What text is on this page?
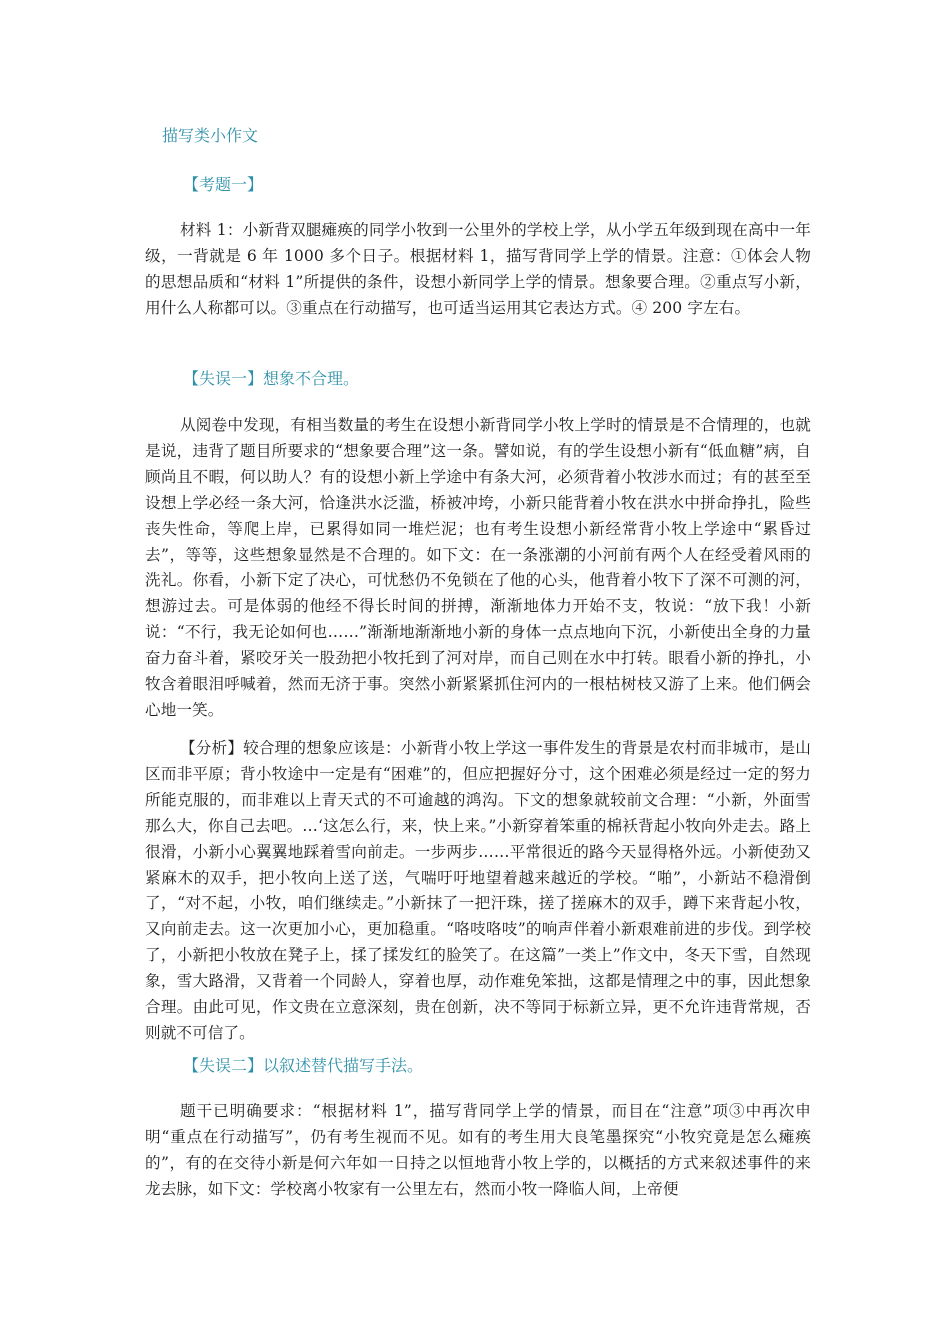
描写类小作文
【考题一】
材料 1：小新背双腿瘫痪的同学小牧到一公里外的学校上学，从小学五年级到现在高中一年级，一背就是 6 年 1000 多个日子。根据材料 1，描写背同学上学的情景。注意：①体会人物的思想品质和“材料 1”所提供的条件，设想小新同学上学的情景。想象要合理。②重点写小新，用什么人称都可以。③重点在行动描写，也可适当运用其它表达方式。④ 200 字左右。
【失误一】想象不合理。
从阅卷中发现，有相当数量的考生在设想小新背同学小牧上学时的情景是不合情理的，也就是说，违背了题目所要求的“想象要合理”这一条。譬如说，有的学生设想小新有“低血糖”病，自顾尚且不暇，何以助人？有的设想小新上学途中有条大河，必须背着小牧涉水而过；有的甚至至设想上学必经一条大河，恰逢洪水泛滥，桥被冲垮，小新只能背着小牧在洪水中拼命挣扎，险些丧失性命，等爬上岸，已累得如同一堆烂泥；也有考生设想小新经常背小牧上学途中“累昏过去”，等等，这些想象显然是不合理的。如下文：在一条涨潮的小河前有两个人在经受着风雨的洗礼。你看，小新下定了决心，可忧愁仍不免锁在了他的心头，他背着小牧下了深不可测的河，想游过去。可是体弱的他经不得长时间的拼搏，渐渐地体力开始不支，牧说：“放下我！小新说：“不行，我无论如何也……”渐渐地渐渐地小新的身体一点点地向下沉，小新使出全身的力量奋力奋斗着，紧咬牙关一股劲把小牧托到了河对岸，而自己则在水中打转。眼看小新的挣扎，小牧含着眼泪呼喊着，然而无济于事。突然小新紧紧抓住河内的一根枯树枝又游了上来。他们俩会心地一笑。
【分析】较合理的想象应该是：小新背小牧上学这一事件发生的背景是农村而非城市，是山区而非平原；背小牧途中一定是有“困难”的，但应把握好分寸，这个困难必须是经过一定的努力所能克服的，而非难以上青天式的不可逾越的鸿沟。下文的想象就较前文合理：“小新，外面雪那么大，你自己去吧。…‘这怎么行，来，快上来。”小新穿着笨重的棉袄背起小牧向外走去。路上很滑，小新小心翼翼地踩着雪向前走。一步两步……平常很近的路今天显得格外远。小新使劲又紧麻木的双手，把小牧向上送了送，气喘吁吁地望着越来越近的学校。“啪”，小新站不稳滑倒了，“对不起，小牧，咱们继续走。”小新抹了一把汗珠，搓了搓麻木的双手，蹲下来背起小牧，又向前走去。这一次更加小心，更加稳重。“咯吱咯吱”的响声伴着小新艰难前进的步伐。到学校了，小新把小牧放在凳子上，揉了揉发红的脸笑了。在这篇”一类上”作文中，冬天下雪，自然现象，雪大路滑，又背着一个同龄人，穿着也厚，动作难免笨拙，这都是情理之中的事，因此想象合理。由此可见，作文贵在立意深刻，贵在创新，决不等同于标新立异，更不允许违背常规，否则就不可信了。
【失误二】以叙述替代描写手法。
题干已明确要求：“根据材料 1”，描写背同学上学的情景，而目在“注意”项③中再次申明“重点在行动描写”，仍有考生视而不见。如有的考生用大良笔墨探究“小牧究竟是怎么瘫痪的”，有的在交待小新是何六年如一日持之以恒地背小牧上学的，以概括的方式来叙述事件的来龙去脉，如下文：学校离小牧家有一公里左右，然而小牧一降临人间，上帝便
